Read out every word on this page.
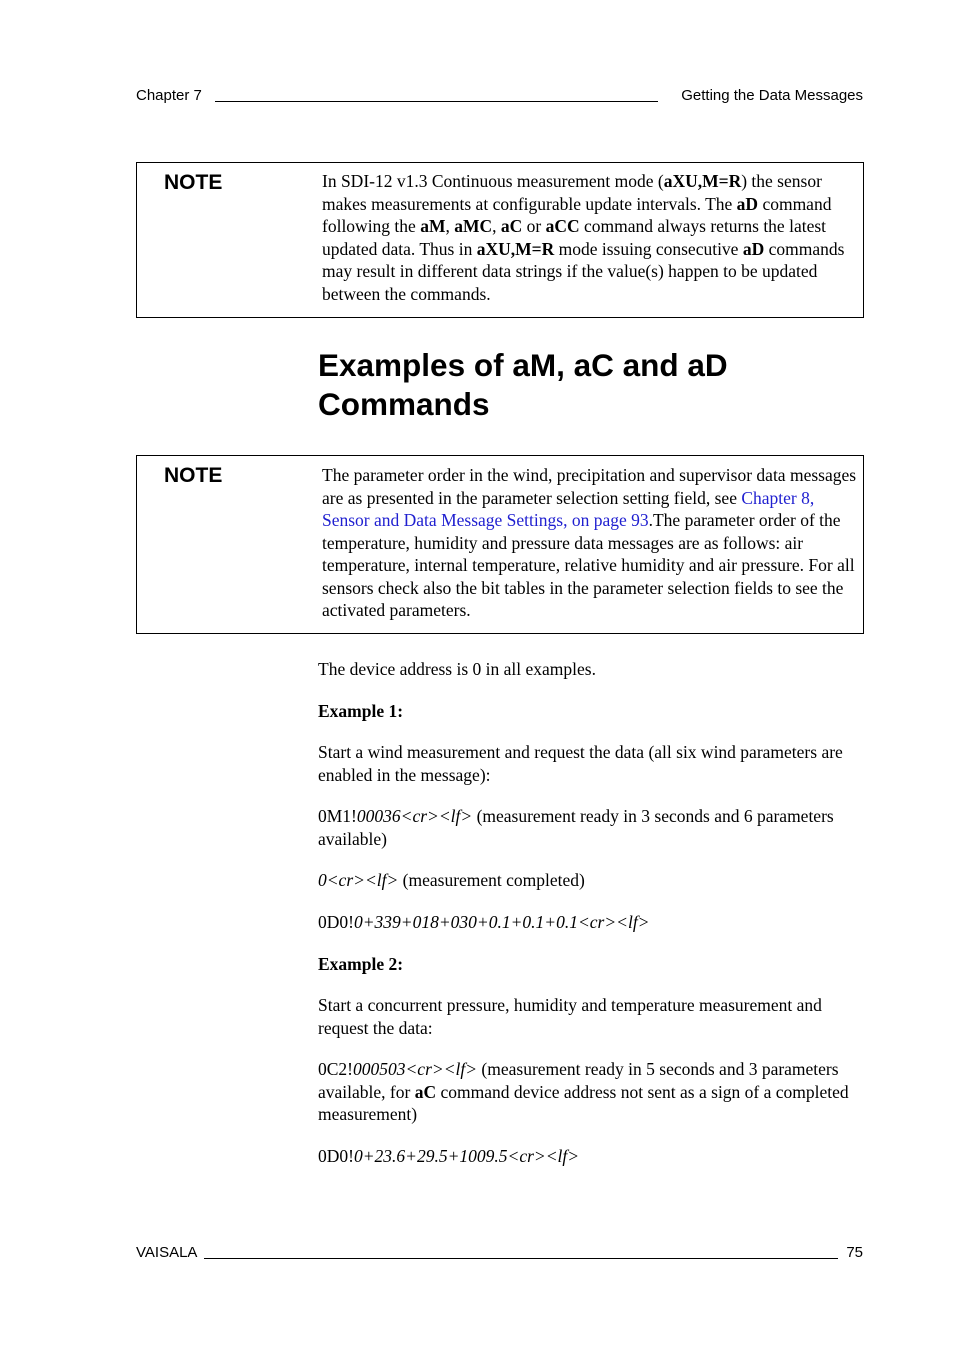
Chapter 7	Getting the Data Messages
NOTE	In SDI-12 v1.3 Continuous measurement mode (aXU,M=R) the sensor makes measurements at configurable update intervals. The aD command following the aM, aMC, aC or aCC command always returns the latest updated data. Thus in aXU,M=R mode issuing consecutive aD commands may result in different data strings if the value(s) happen to be updated between the commands.
Examples of aM, aC and aD
Commands
NOTE	The parameter order in the wind, precipitation and supervisor data messages are as presented in the parameter selection setting field, see Chapter 8, Sensor and Data Message Settings, on page 93.The parameter order of the temperature, humidity and pressure data messages are as follows: air temperature, internal temperature, relative humidity and air pressure. For all sensors check also the bit tables in the parameter selection fields to see the activated parameters.

The device address is 0 in all examples.

Example 1:

Start a wind measurement and request the data (all six wind parameters are enabled in the message):

0M1!00036<cr><lf> (measurement ready in 3 seconds and 6 parameters available)

0<cr><lf> (measurement completed)

0D0!0+339+018+030+0.1+0.1+0.1<cr><lf>

Example 2:

Start a concurrent pressure, humidity and temperature measurement and request the data:

0C2!000503<cr><lf> (measurement ready in 5 seconds and 3 parameters available, for aC command device address not sent as a sign of a completed measurement)

0D0!0+23.6+29.5+1009.5<cr><lf>

VAISALA	75
